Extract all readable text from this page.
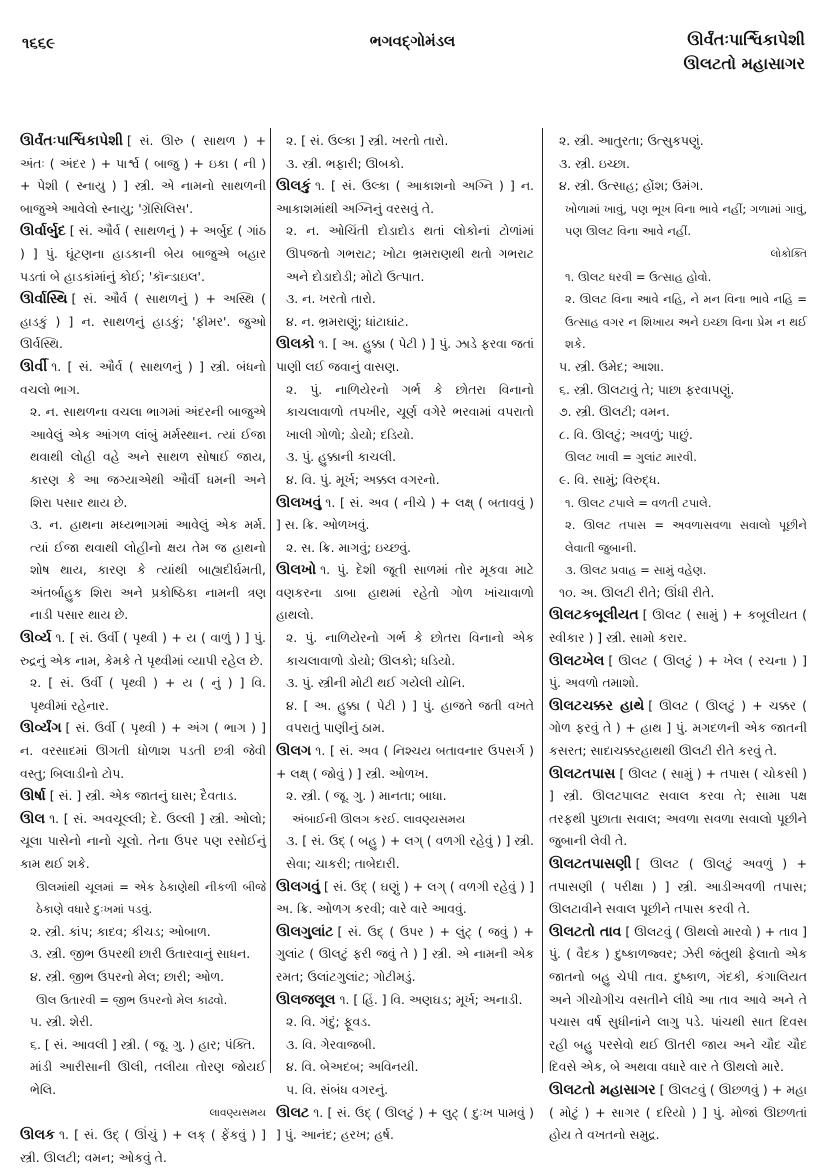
૧૬૬૯	ભગવદ્ગોમંડલ	ઊર્વંતઃપાર્શ્વિકાપેશી
ઊલટતો મહાસાગર

ઊર્વંતઃપાર્શ્વિકાપેશી [ સં. ઊરુ ( સાથળ ) + અંતઃ ( અંદર ) + પાર્શ્વ ( બાજુ ) + ઇકા ( ની ) + પેશી ( સ્નાયુ ) ] સ્ત્રી. એ નામનો સાથળની બાજુએ આવેલો સ્નાયુ; 'ગ્રૅસિલિસ'.

ઊર્વાર્બુદ [ સં. ઔર્વ ( સાથળનું ) + અર્બુદ ( ગાંઠ ) ] પું. ઘૂંટણના હાડકાની બેય બાજુએ બહાર પડતાં બે હાડકાંમાંનું કોઈ; 'કૉન્ડાઇલ'.

ઊર્વાસ્થિ [ સં. ઔર્વ ( સાથળનું ) + અસ્થિ ( હાડકું ) ] ન. સાથળનું હાડકું; 'ફીમર'. જુઓ ઊર્વસ્થિ.

ઊર્વી ૧. [ સં. ઔર્વ ( સાથળનું ) ] સ્ત્રી. બંધનો વચલો ભાગ.

૨. ન. સાથળના વચલા ભાગમાં અંદરની બાજુએ આવેલું એક આંગળ લાંબું મર્મસ્થાન. ત્યાં ઈજા થવાથી લોહી વહે અને સાથળ સોષાઈ જાય, કારણ કે આ જગ્યાએથી ઔર્વી ધમની અને શિરા પસાર થાય છે.

૩. ન. હાથના મધ્યભાગમાં આવેલું એક મર્મ. ત્યાં ઈજા થવાથી લોહીનો ક્ષય તેમ જ હાથનો શોષ થાય, કારણ કે ત્યાંથી બાહ્યદીર્ઘમતી, અંતર્બાહુક શિરા અને પ્રકોષ્ઠિકા નામની ત્રણ નાડી પસાર થાય છે.

ઊર્વ્ય ૧. [ સં. ઉર્વી ( પૃથ્વી ) + ય ( વાળું ) ] પું. રુદ્રનું એક નામ, કેમકે તે પૃથ્વીમાં વ્યાપી રહેલ છે.

૨. [ સં. ઉર્વી ( પૃથ્વી ) + ય ( નું ) ] વિ. પૃથ્વીમાં રહેનાર.

ઊર્વ્યંગ [ સં. ઉર્વી ( પૃથ્વી ) + અંગ ( ભાગ ) ] ન. વરસાદમાં ઊગતી ધોળાશ પડતી છત્રી જેવી વસ્તુ; બિલાડીનો ટોપ.

ઊર્ષા [ સં. ] સ્ત્રી. એક જાતનું ઘાસ; દૈવતાડ.

ઊલ ૧. [ સં. અવચૂલ્લી; દે. ઉલ્લી ] સ્ત્રી. ઓલો; ચૂલા પાસેનો નાનો ચૂલો. તેના ઉપર પણ રસોઈનું કામ થઈ શકે.

ઊલમાંથી ચૂલમાં = એક ઠેકાણેથી નીકળી બીજે ઠેકાણે વધારે દુઃખમાં પડવું.

૨. સ્ત્રી. કાંપ; કાદવ; કીચડ; ઓબાળ.

૩. સ્ત્રી. જીભ ઉપરથી છારી ઉતારવાનું સાધન.

૪. સ્ત્રી. જીભ ઉપરનો મેલ; છારી; ઓળ.

ઊલ ઉતારવી = જીભ ઉપરનો મેલ કાઢવો.

૫. સ્ત્રી. શેરી.

૬. [ સં. આવલી ] સ્ત્રી. ( જૂ. ગુ. ) હાર; પંક્તિ.

માંડી આરીસાની ઊલી, તલીયા તોરણ જોયઈ ભેલિ.

લાવણ્યસમય

ઊલક ૧. [ સં. ઉદ્ ( ઊંચું ) + લક્ ( ફેંકવું ) ] સ્ત્રી. ઊલટી; વમન; ઓકવું તે.

૨. [ સં. ઉલ્કા ] સ્ત્રી. ખરતો તારો.

૩. સ્ત્રી. ભફારી; ઊબકો.

ઊલકું ૧. [ સં. ઉલ્કા ( આકાશનો અગ્નિ ) ] ન. આકાશમાંથી અગ્નિનું વરસવું તે.

૨. ન. ઓચિંતી દોડાદોડ થતાં લોકોનાં ટોળાંમાં ઊપજતો ગભરાટ; ખોટા ભ્રમરાણથી થતો ગભરાટ અને દોડાદોડી; મોટો ઉત્પાત.

૩. ન. ખરતો તારો.

૪. ન. ભ્રમરાણું; ધાંટાઘાંટ.

ઊલકો ૧. [ અ. હુક્કા ( પેટી ) ] પું. ઝાડે ફરવા જતાં પાણી લઈ જવાનું વાસણ.

૨. પું. નાળિયેરનો ગર્ભ કે છોતરા વિનાનો કાચલાવાળો તપખીર, ચૂર્ણ વગેરે ભરવામાં વપરાતો ખાલી ગોળો; ડોયો; દડિયો.

૩. પું. હુક્કાની કાચલી.

૪. વિ. પું. મૂર્ખ; અક્કલ વગરનો.

ઊલખવું ૧. [ સં. અવ ( નીચે ) + લક્ષ્ ( બતાવવું ) ] સ. ક્રિ. ઓળખવું.

૨. સ. ક્રિ. માગવું; ઇચ્છવું.

ઊલખો ૧. પું. દેશી જૂતી સાળમાં તોર મૂકવા માટે વણકરના ડાબા હાથમાં રહેતો ગોળ ખાંચાવાળો હાથલો.

૨. પું. નાળિયેરનો ગર્ભ કે છોતરા વિનાનો એક કાચલાવાળો ડોયો; ઊલકો; ધડિયો.

૩. પું. સ્ત્રીની મોટી થઈ ગયેલી યોનિ.

૪. [ અ. હુક્કા ( પેટી ) ] પું. હાજતે જતી વખતે વપરાતું પાણીનું ઠામ.

ઊલગ ૧. [ સં. અવ ( નિશ્ચય બતાવનાર ઉપસર્ગ ) + લક્ષ્ ( જોવું ) ] સ્ત્રી. ઓળખ.

૨. સ્ત્રી. ( જૂ. ગુ. ) માનતા; બાધા.

અંબાઈની ઊલગ કરઈ. લાવણ્યસમય

૩. [ સં. ઉદ્ ( બહુ ) + લગ્ ( વળગી રહેવું ) ] સ્ત્રી. સેવા; ચાકરી; તાબેદારી.

ઊલગવું [ સં. ઉદ્ ( ઘણું ) + લગ્ ( વળગી રહેવું ) ] અ. ક્રિ. ઓળગ કરવી; વારે વારે આવવું.

ઊલગુલાંટ [ સં. ઉદ્ ( ઉપર ) + લુંટ્ ( જવું ) + ગુલાંટ ( ઊલટું ફરી જવું તે ) ] સ્ત્રી. એ નામની એક રમત; ઉલાંટગુલાંટ; ગોટીમડું.

ઊલજલૂલ ૧. [ હિં. ] વિ. અણઘડ; મૂર્ખ; અનાડી.

૨. વિ. ગંદું; ફૂવડ.

૩. વિ. ગેરવાજબી.

૪. વિ. બેઅદબ; અવિનયી.

૫. વિ. સંબંધ વગરનું.

ઊલટ ૧. [ સં. ઉદ્ ( ઊલટું ) + લુટ્ ( દુઃખ પામવું ) ] પું. આનંદ; હરખ; હર્ષ.

૨. સ્ત્રી. આતુરતા; ઉત્સુકપણું.

૩. સ્ત્રી. ઇચ્છા.

૪. સ્ત્રી. ઉત્સાહ; હોંશ; ઉમંગ.

ખોળામાં ખાવું, પણ ભૂખ વિના ભાવે નહીં; ગળામાં ગાવું, પણ ઊલટ વિના આવે નહીં.

લોકોક્તિ

૧. ઊલટ ધરવી = ઉત્સાહ હોવો.

૨. ઊલટ વિના આવે નહિ, ને મન વિના ભાવે નહિ = ઉત્સાહ વગર ન શિખાય અને ઇચ્છા વિના પ્રેમ ન થઈ શકે.

૫. સ્ત્રી. ઉમેદ; આશા.

૬. સ્ત્રી. ઊલટાવું તે; પાછા ફરવાપણું.

૭. સ્ત્રી. ઊલટી; વમન.

૮. વિ. ઊલટું; અવળું; પાછું.

ઊલટ ખાવી = ગુલાંટ મારવી.

૯. વિ. સામું; વિરુદ્ધ.

૧. ઊલટ ટપાલે = વળતી ટપાલે.

૨. ઊલટ તપાસ = અવળાસવળા સવાલો પૂછીને લેવાતી જુબાની.

૩. ઊલટ પ્રવાહ = સામું વહેણ.

૧૦. અ. ઊલટી રીતે; ઊંધી રીતે.

ઊલટકબૂલીયત [ ઊલટ ( સામું ) + કબૂલીયત ( સ્વીકાર ) ] સ્ત્રી. સામો કરાર.

ઊલટખેલ [ ઊલટ ( ઊલટું ) + ખેલ ( રચના ) ] પું. અવળો તમાશો.

ઊલટચક્કર હાથે [ ઊલટ ( ઊલટું ) + ચક્કર ( ગોળ ફરવું તે ) + હાથ ] પું. મગદળની એક જાતની કસરત; સાદાચક્કરહાથથી ઊલટી રીતે કરવું તે.

ઊલટતપાસ [ ઊલટ ( સામું ) + તપાસ ( ચોકસી ) ] સ્ત્રી. ઊલટપાલટ સવાલ કરવા તે; સામા પક્ષ તરફથી પુછાતા સવાલ; અવળા સવળા સવાલો પૂછીને જુબાની લેવી તે.

ઊલટતપાસણી [ ઊલટ ( ઊલટું અવળું ) + તપાસણી ( પરીક્ષા ) ] સ્ત્રી. આડીઅવળી તપાસ; ઊલટાવીને સવાલ પૂછીને તપાસ કરવી તે.

ઊલટતો તાવ [ ઊલટવું ( ઊથલો મારવો ) + તાવ ] પું. ( વૈદક ) દુષ્કાળજ્વર; ઝેરી જંતુથી ફેલાતો એક જાતનો બહુ ચેપી તાવ. દુષ્કાળ, ગંદકી, કંગાલિયત અને ગીચોગીચ વસતીને લીધે આ તાવ આવે અને તે પચાસ વર્ષ સુધીનાંને લાગુ પડે. પાંચથી સાત દિવસ રહી બહુ પરસેવો થઈ ઊતરી જાય અને ચૌદ ચૌદ દિવસે એક, બે અથવા વધારે વાર તે ઊથલો મારે.

ઊલટતો મહાસાગર [ ઊલટવું ( ઊછળવું ) + મહા ( મોટું ) + સાગર ( દરિયો ) ] પું. મોજાં ઊછળતાં હોય તે વખતનો સમુદ્ર.
